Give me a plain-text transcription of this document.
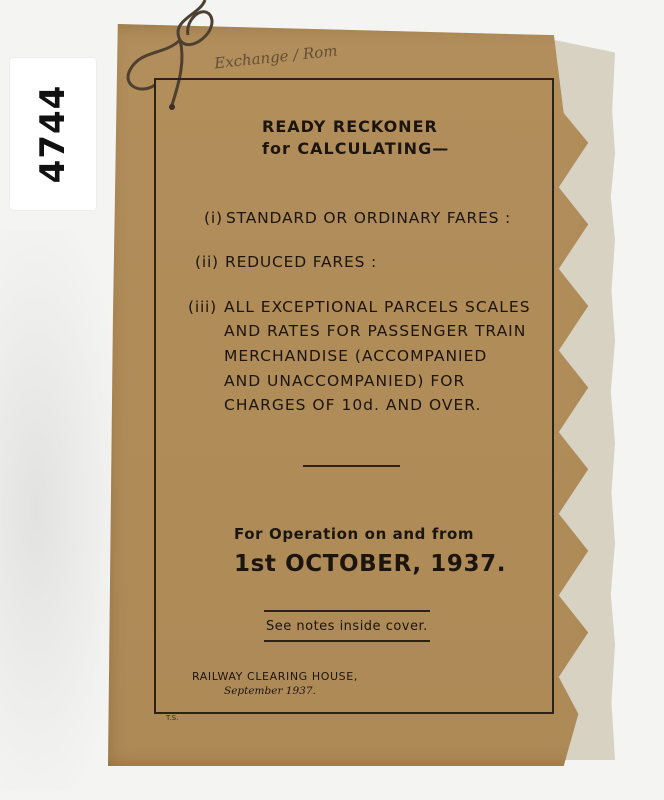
4744
Exchange / Rom
READY RECKONER
for CALCULATING—
(i) STANDARD OR ORDINARY FARES :
(ii) REDUCED FARES :
(iii) ALL EXCEPTIONAL PARCELS SCALES
AND RATES FOR PASSENGER TRAIN
MERCHANDISE (ACCOMPANIED
AND UNACCOMPANIED) FOR
CHARGES OF 10d. AND OVER.
For Operation on and from
1st OCTOBER, 1937.
See notes inside cover.
RAILWAY CLEARING HOUSE,
September 1937.
T.S.
